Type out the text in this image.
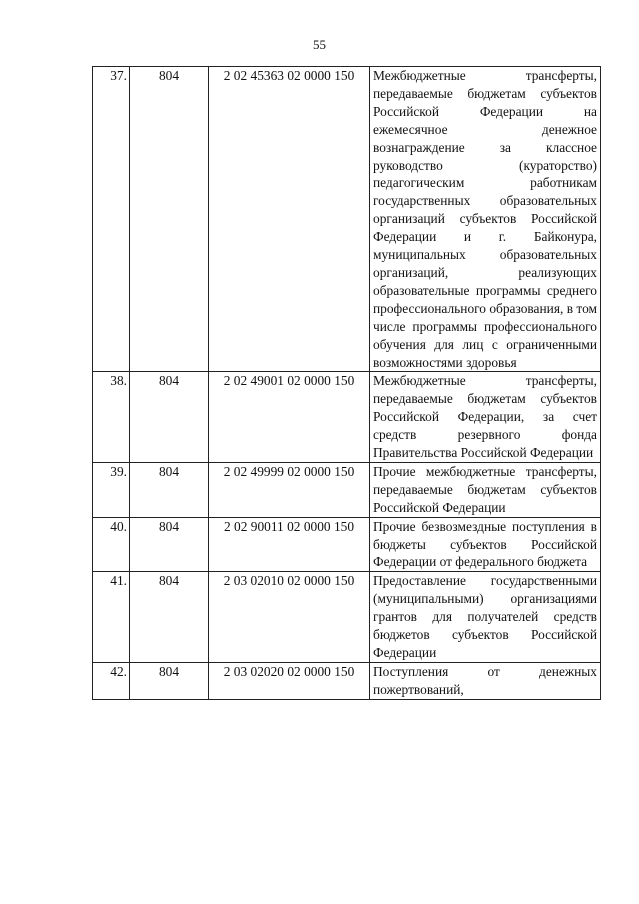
55
37.	804	2 02 45363 02 0000 150	Межбюджетные трансферты, передаваемые бюджетам субъектов Российской Федерации на ежемесячное денежное вознаграждение за классное руководство (кураторство) педагогическим работникам государственных образовательных организаций субъектов Российской Федерации и г. Байконура, муниципальных образовательных организаций, реализующих образовательные программы среднего профессионального образования, в том числе программы профессионального обучения для лиц с ограниченными возможностями здоровья
38.	804	2 02 49001 02 0000 150	Межбюджетные трансферты, передаваемые бюджетам субъектов Российской Федерации, за счет средств резервного фонда Правительства Российской Федерации
39.	804	2 02 49999 02 0000 150	Прочие межбюджетные трансферты, передаваемые бюджетам субъектов Российской Федерации
40.	804	2 02 90011 02 0000 150	Прочие безвозмездные поступления в бюджеты субъектов Российской Федерации от федерального бюджета
41.	804	2 03 02010 02 0000 150	Предоставление государственными (муниципальными) организациями грантов для получателей средств бюджетов субъектов Российской Федерации
42.	804	2 03 02020 02 0000 150	Поступления от денежных пожертвований,
